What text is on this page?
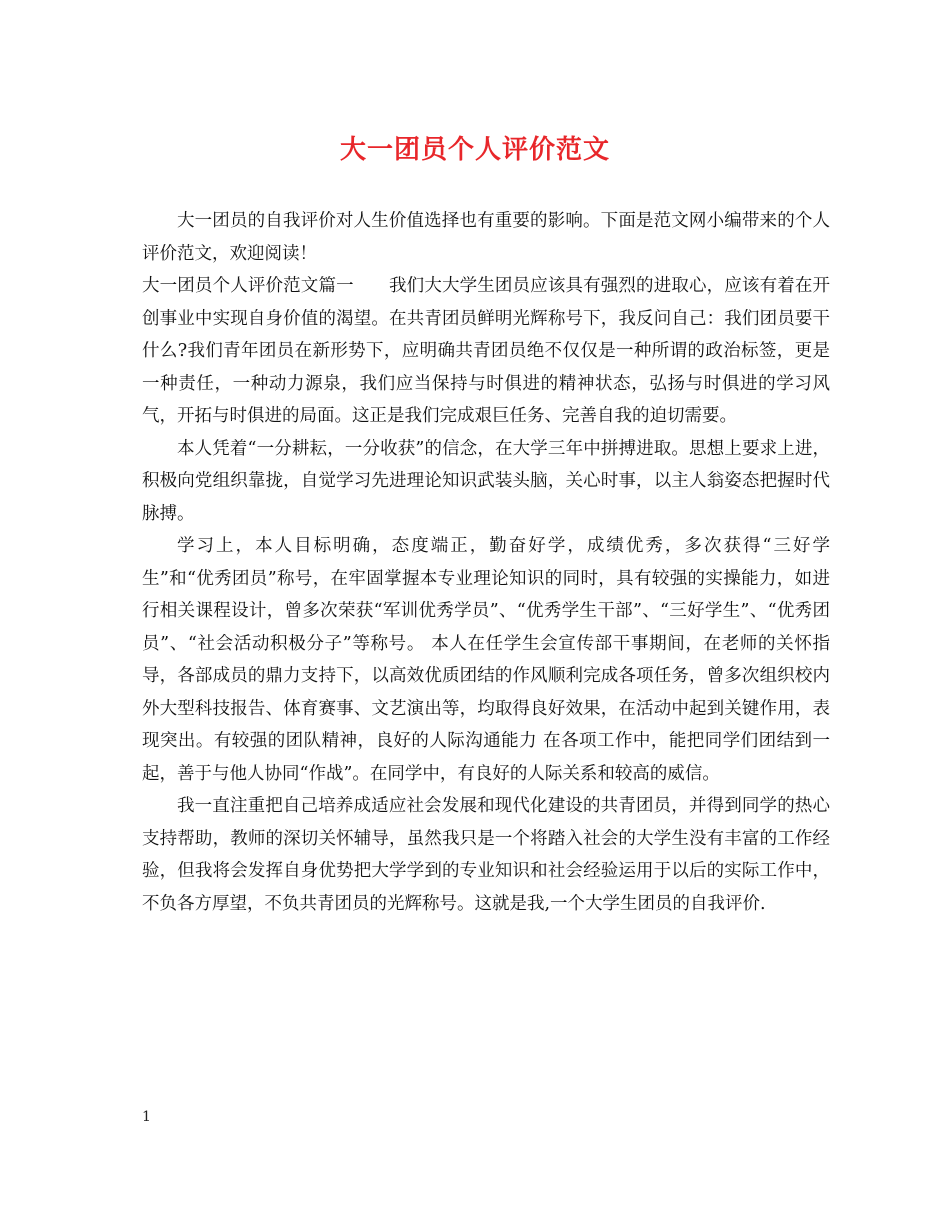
大一团员个人评价范文

大一团员的自我评价对人生价值选择也有重要的影响。下面是范文网小编带来的个人评价范文，欢迎阅读！

大一团员个人评价范文篇一　　我们大大学生团员应该具有强烈的进取心，应该有着在开创事业中实现自身价值的渴望。在共青团员鲜明光辉称号下，我反问自己：我们团员要干什么?我们青年团员在新形势下，应明确共青团员绝不仅仅是一种所谓的政治标签，更是一种责任，一种动力源泉，我们应当保持与时俱进的精神状态，弘扬与时俱进的学习风气，开拓与时俱进的局面。这正是我们完成艰巨任务、完善自我的迫切需要。

本人凭着“一分耕耘，一分收获”的信念，在大学三年中拼搏进取。思想上要求上进，积极向党组织靠拢，自觉学习先进理论知识武装头脑，关心时事，以主人翁姿态把握时代脉搏。

学习上，本人目标明确，态度端正，勤奋好学，成绩优秀，多次获得“三好学生”和“优秀团员”称号，在牢固掌握本专业理论知识的同时，具有较强的实操能力，如进行相关课程设计，曾多次荣获“军训优秀学员”、“优秀学生干部”、“三好学生”、“优秀团员”、“社会活动积极分子”等称号。 本人在任学生会宣传部干事期间，在老师的关怀指导，各部成员的鼎力支持下，以高效优质团结的作风顺利完成各项任务，曾多次组织校内外大型科技报告、体育赛事、文艺演出等，均取得良好效果，在活动中起到关键作用，表现突出。有较强的团队精神，良好的人际沟通能力 在各项工作中，能把同学们团结到一起，善于与他人协同“作战”。在同学中，有良好的人际关系和较高的威信。

我一直注重把自己培养成适应社会发展和现代化建设的共青团员，并得到同学的热心支持帮助，教师的深切关怀辅导，虽然我只是一个将踏入社会的大学生没有丰富的工作经验，但我将会发挥自身优势把大学学到的专业知识和社会经验运用于以后的实际工作中，不负各方厚望，不负共青团员的光辉称号。这就是我,一个大学生团员的自我评价.

1
